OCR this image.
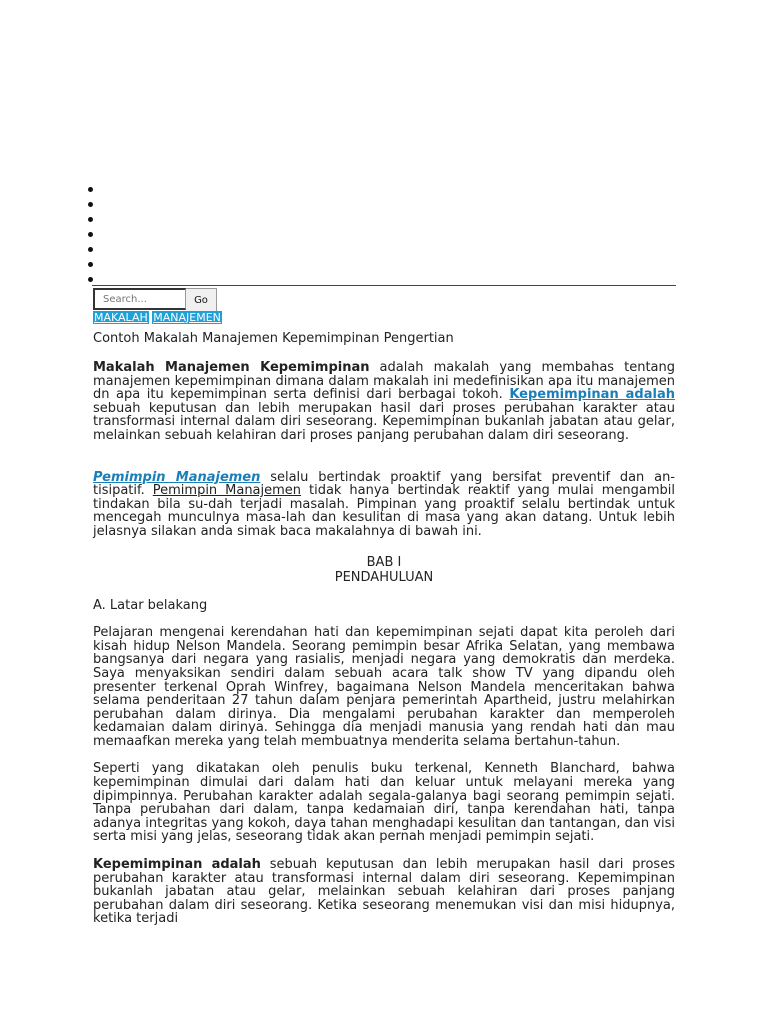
Search...
Go
MAKALAH MANAJEMEN
Contoh Makalah Manajemen Kepemimpinan Pengertian

Makalah Manajemen Kepemimpinan adalah makalah yang membahas tentang manajemen kepemimpinan dimana dalam makalah ini medefinisikan apa itu manajemen dn apa itu kepemimpinan serta definisi dari berbagai tokoh. Kepemimpinan adalah sebuah keputusan dan lebih merupakan hasil dari proses perubahan karakter atau transformasi internal dalam diri seseorang. Kepemimpinan bukanlah jabatan atau gelar, melainkan sebuah kelahiran dari proses panjang perubahan dalam diri seseorang.

Pemimpin Manajemen selalu bertindak proaktif yang bersifat preventif dan an-tisipatif. Pemimpin Manajemen tidak hanya bertindak reaktif yang mulai mengambil tindakan bila su-dah terjadi masalah. Pimpinan yang proaktif selalu bertindak untuk mencegah munculnya masa-lah dan kesulitan di masa yang akan datang. Untuk lebih jelasnya silakan anda simak baca makalahnya di bawah ini.

BAB I
PENDAHULUAN

A. Latar belakang

Pelajaran mengenai kerendahan hati dan kepemimpinan sejati dapat kita peroleh dari kisah hidup Nelson Mandela. Seorang pemimpin besar Afrika Selatan, yang membawa bangsanya dari negara yang rasialis, menjadi negara yang demokratis dan merdeka. Saya menyaksikan sendiri dalam sebuah acara talk show TV yang dipandu oleh presenter terkenal Oprah Winfrey, bagaimana Nelson Mandela menceritakan bahwa selama penderitaan 27 tahun dalam penjara pemerintah Apartheid, justru melahirkan perubahan dalam dirinya. Dia mengalami perubahan karakter dan memperoleh kedamaian dalam dirinya. Sehingga dia menjadi manusia yang rendah hati dan mau memaafkan mereka yang telah membuatnya menderita selama bertahun-tahun.

Seperti yang dikatakan oleh penulis buku terkenal, Kenneth Blanchard, bahwa kepemimpinan dimulai dari dalam hati dan keluar untuk melayani mereka yang dipimpinnya. Perubahan karakter adalah segala-galanya bagi seorang pemimpin sejati. Tanpa perubahan dari dalam, tanpa kedamaian diri, tanpa kerendahan hati, tanpa adanya integritas yang kokoh, daya tahan menghadapi kesulitan dan tantangan, dan visi serta misi yang jelas, seseorang tidak akan pernah menjadi pemimpin sejati.

Kepemimpinan adalah sebuah keputusan dan lebih merupakan hasil dari proses perubahan karakter atau transformasi internal dalam diri seseorang. Kepemimpinan bukanlah jabatan atau gelar, melainkan sebuah kelahiran dari proses panjang perubahan dalam diri seseorang. Ketika seseorang menemukan visi dan misi hidupnya, ketika terjadi
